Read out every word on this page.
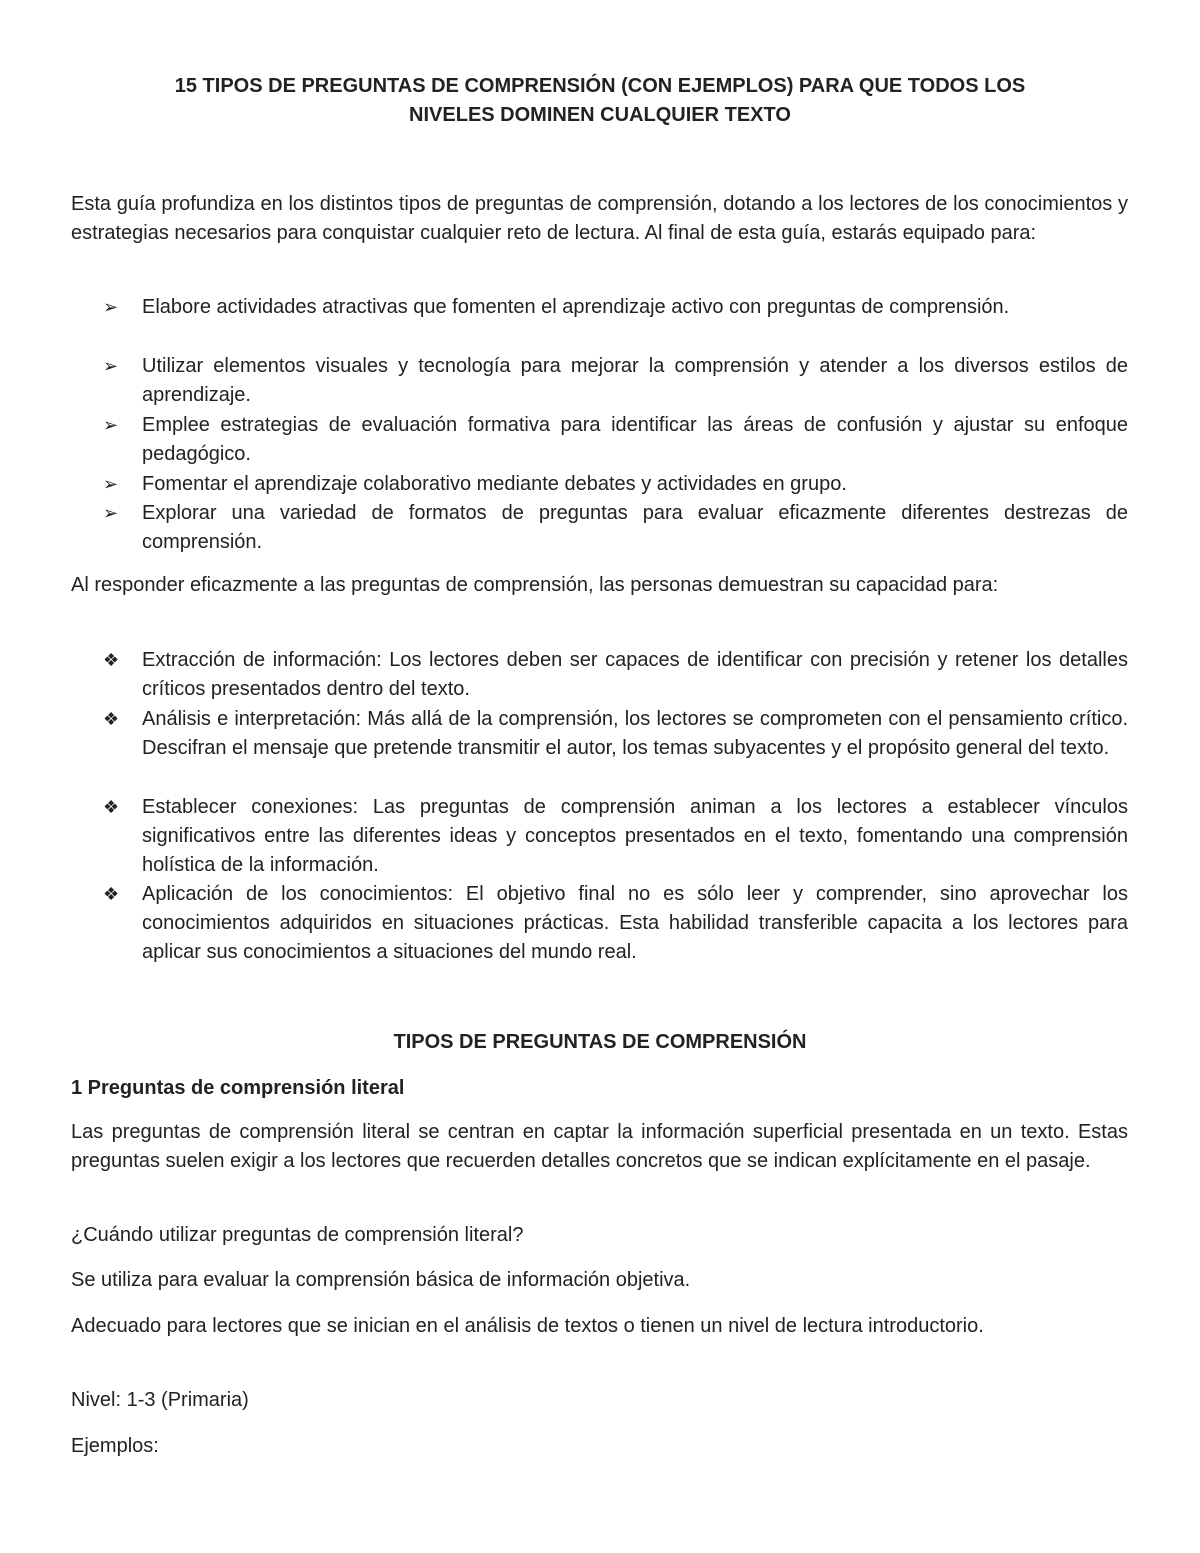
15 TIPOS DE PREGUNTAS DE COMPRENSIÓN (CON EJEMPLOS) PARA QUE TODOS LOS
NIVELES DOMINEN CUALQUIER TEXTO

Esta guía profundiza en los distintos tipos de preguntas de comprensión, dotando a los lectores de los conocimientos y estrategias necesarios para conquistar cualquier reto de lectura. Al final de esta guía, estarás equipado para:

➢	Elabore actividades atractivas que fomenten el aprendizaje activo con preguntas de comprensión.
➢	Utilizar elementos visuales y tecnología para mejorar la comprensión y atender a los diversos estilos de aprendizaje.
➢	Emplee estrategias de evaluación formativa para identificar las áreas de confusión y ajustar su enfoque pedagógico.
➢	Fomentar el aprendizaje colaborativo mediante debates y actividades en grupo.
➢	Explorar una variedad de formatos de preguntas para evaluar eficazmente diferentes destrezas de comprensión.

Al responder eficazmente a las preguntas de comprensión, las personas demuestran su capacidad para:

❖ Extracción de información: Los lectores deben ser capaces de identificar con precisión y retener los detalles críticos presentados dentro del texto.
❖ Análisis e interpretación: Más allá de la comprensión, los lectores se comprometen con el pensamiento crítico. Descifran el mensaje que pretende transmitir el autor, los temas subyacentes y el propósito general del texto.
❖ Establecer conexiones: Las preguntas de comprensión animan a los lectores a establecer vínculos significativos entre las diferentes ideas y conceptos presentados en el texto, fomentando una comprensión holística de la información.
❖ Aplicación de los conocimientos: El objetivo final no es sólo leer y comprender, sino aprovechar los conocimientos adquiridos en situaciones prácticas. Esta habilidad transferible capacita a los lectores para aplicar sus conocimientos a situaciones del mundo real.
TIPOS DE PREGUNTAS DE COMPRENSIÓN
1 Preguntas de comprensión literal

Las preguntas de comprensión literal se centran en captar la información superficial presentada en un texto. Estas preguntas suelen exigir a los lectores que recuerden detalles concretos que se indican explícitamente en el pasaje.

¿Cuándo utilizar preguntas de comprensión literal?

Se utiliza para evaluar la comprensión básica de información objetiva.

Adecuado para lectores que se inician en el análisis de textos o tienen un nivel de lectura introductorio.

Nivel: 1-3 (Primaria)

Ejemplos:
